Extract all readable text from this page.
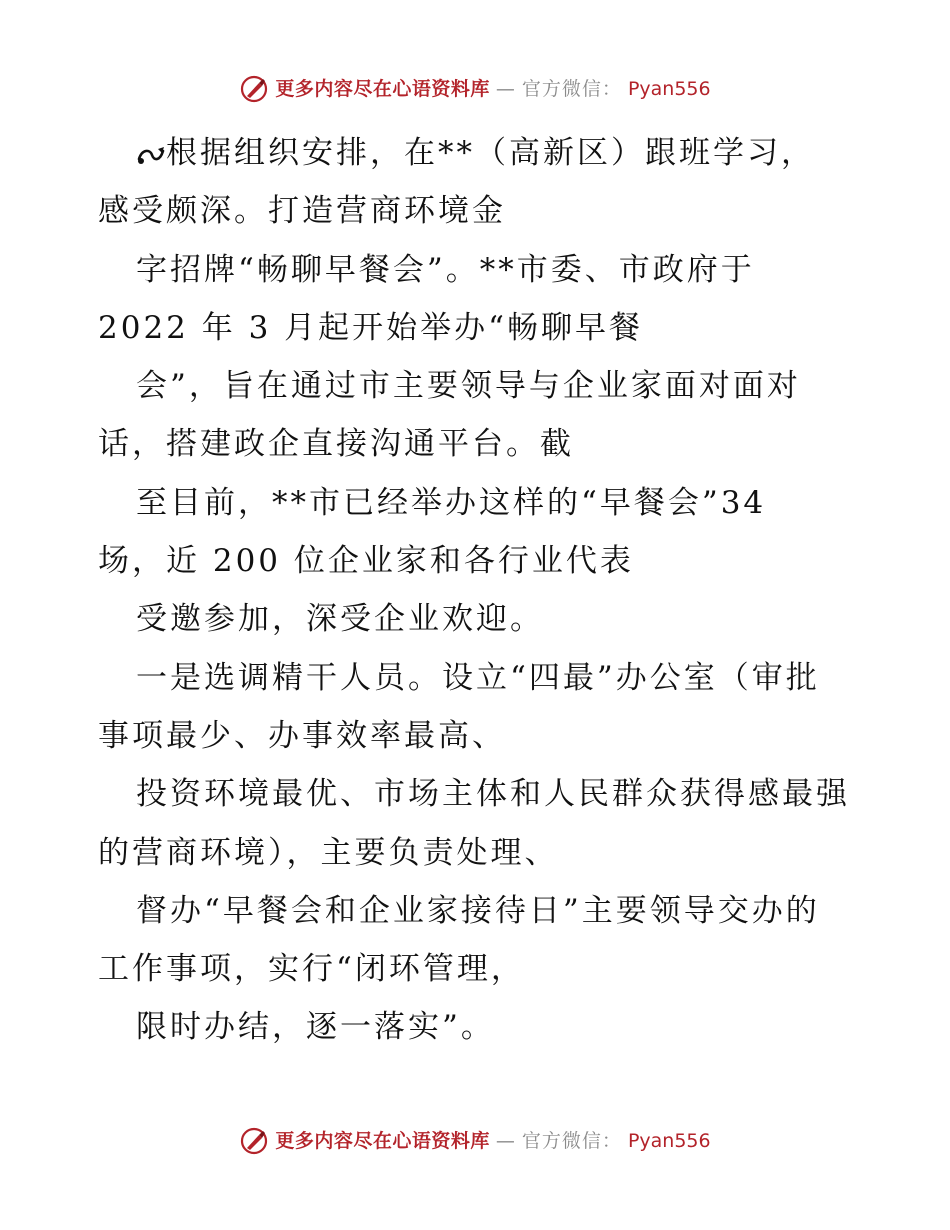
更多内容尽在心语资料库 — 官方微信： Pyan556
根据组织安排，在**（高新区）跟班学习，
感受颇深。打造营商环境金
字招牌“畅聊早餐会”。**市委、市政府于
2022 年 3 月起开始举办“畅聊早餐
会”，旨在通过市主要领导与企业家面对面对
话，搭建政企直接沟通平台。截
至目前，**市已经举办这样的“早餐会”34
场，近 200 位企业家和各行业代表
受邀参加，深受企业欢迎。
一是选调精干人员。设立“四最”办公室（审批
事项最少、办事效率最高、
投资环境最优、市场主体和人民群众获得感最强
的营商环境），主要负责处理、
督办“早餐会和企业家接待日”主要领导交办的
工作事项，实行“闭环管理，
限时办结，逐一落实”。
更多内容尽在心语资料库 — 官方微信： Pyan556
